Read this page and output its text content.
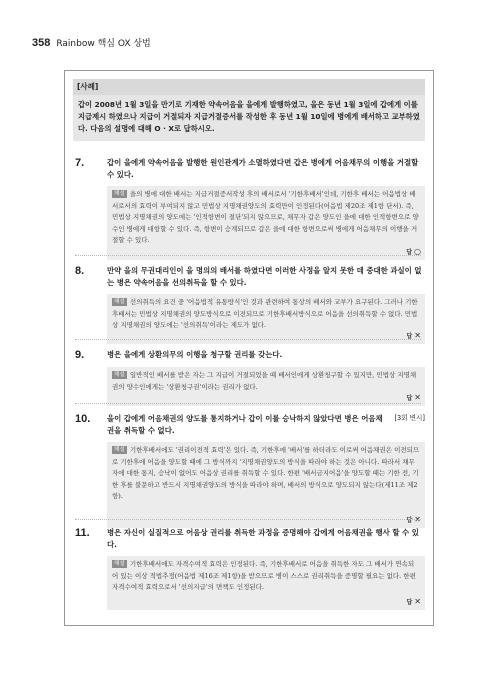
358 Rainbow 핵심 OX 상법
[사례]
갑이 2008년 1월 3일을 만기로 기재한 약속어음을 을에게 발행하였고, 을은 동년 1월 3일에 갑에게 이를 지급제시 하였으나 지급이 거절되자 지급거절증서를 작성한 후 동년 1월 10일에 병에게 배서하고 교부하였다. 다음의 설명에 대해 O · X로 답하시오.
7.	갑이 을에게 약속어음을 발행한 원인관계가 소멸하였다면 갑은 병에게 어음채무의 이행을 거절할 수 있다.
해설 을의 병에 대한 배서는 지급거절증서작성 후의 배서로서 '기한후배서'인데, 기한후 배서는 어음법상 배서로서의 효력이 부여되지 않고 민법상 지명채권양도의 효력만이 인정된다(어음법 제20조 제1항 단서). 즉, 민법상 지명채권의 양도에는 '인적항변이 절단'되지 않으므로, 채무자 갑은 양도인 을에 대한 인적항변으로 양수인 병에게 대항할 수 있다. 즉, 항변이 승계되므로 갑은 을에 대한 항변으로써 병에게 어음채무의 이행을 거절할 수 있다.
답 ○
8.	만약 을의 무권대리인이 을 명의의 배서를 하였다면 이러한 사정을 알지 못한 데 중대한 과실이 없는 병은 약속어음을 선의취득을 할 수 있다.
해설 선의취득의 요건 중 '어음법적 유통방식'인 것과 관련하여 통상의 배서와 교부가 요구된다. 그러나 기한후배서는 민법상 지명채권의 양도방식으로 이전되므로 기한후배서방식으로 어음을 선의취득할 수 없다. 민법상 지명채권의 양도에는 '선의취득'이라는 제도가 없다.
답 ✕
9.	병은 을에게 상환의무의 이행을 청구할 권리를 갖는다.
해설 일반적인 배서를 받은 자는 그 지급이 거절되었을 때 배서인에게 상환청구할 수 있지만, 민법상 지명채권의 양수인에게는 '상환청구권'이라는 권리가 없다.
답 ✕
10.	[3회 변시]
을이 갑에게 어음채권의 양도를 통지하거나 갑이 이를 승낙하지 않았다면 병은 어음채권을 취득할 수 없다.
해설 기한후배서에도 '권리이전적 효력'은 있다. 즉, 기한후에 '배서'를 하더라도 이로써 어음채권은 이전되므로 기한후에 어음을 양도할 때에 그 방식까지 '지명채권양도의 방식을 따라야 하는 것은 아니다. 따라서 채무자에 대한 통지, 승낙이 없어도 어음상 권리를 취득할 수 있다. 한편 '배서금지어음'을 양도할 때는 기한 전, 기한 후를 불문하고 반드시 지명채권양도의 방식을 따라야 하며, 배서의 방식으로 양도되지 않는다(제11조 제2항).
답 ✕
11.	병은 자신이 실질적으로 어음상 권리를 취득한 과정을 증명해야 갑에게 어음채권을 행사 할 수 있다.
해설 기한후배서에도 자격수여적 효력은 인정된다. 즉, 기한후배서로 어음을 취득한 자도 그 배서가 연속되어 있는 이상 적법추정(어음법 제16조 제1항)을 받으므로 병이 스스로 권리취득을 증명할 필요는 없다. 한편 자격수여적 효력으로서 '선의지급'의 면책도 인정된다.
답 ✕
